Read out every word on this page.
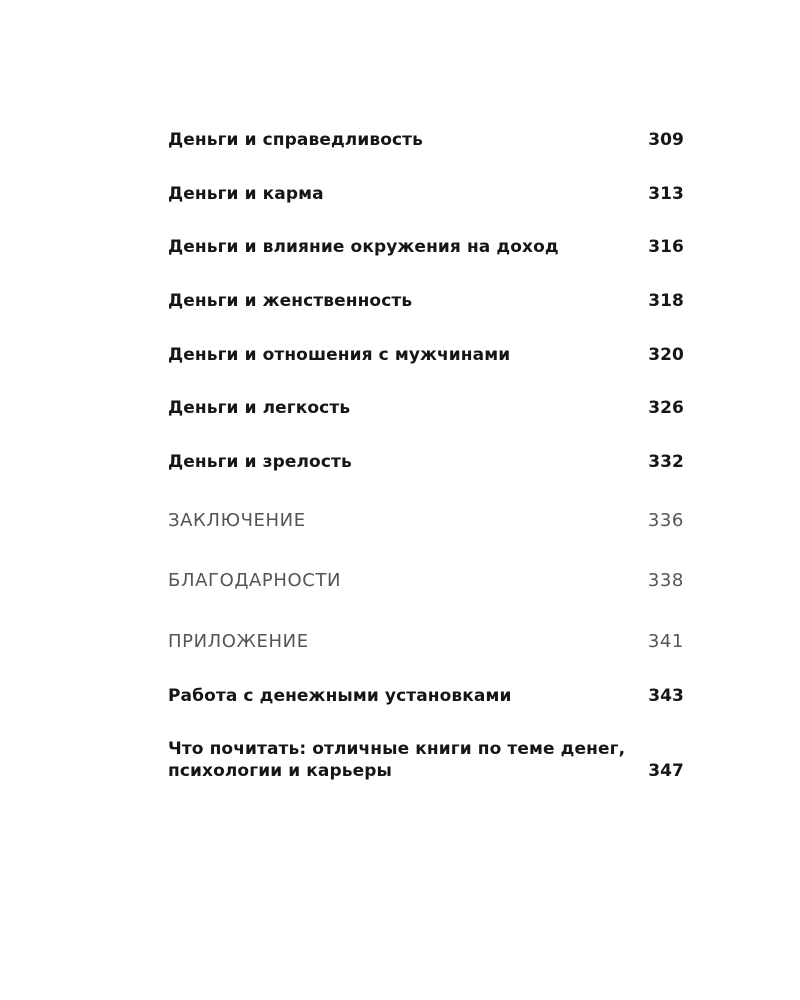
Деньги и справедливость	309
Деньги и карма	313
Деньги и влияние окружения на доход	316
Деньги и женственность	318
Деньги и отношения с мужчинами	320
Деньги и легкость	326
Деньги и зрелость	332
ЗАКЛЮЧЕНИЕ	336
БЛАГОДАРНОСТИ	338
ПРИЛОЖЕНИЕ	341
Работа с денежными установками	343
Что почитать: отличные книги по теме денег,
психологии и карьеры	347
